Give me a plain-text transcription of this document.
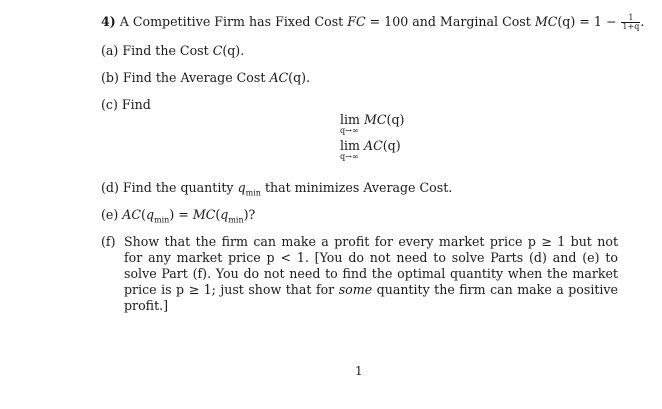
4) A Competitive Firm has Fixed Cost FC = 100 and Marginal Cost $MC(q) = 1 - \frac{1}{1+q}$ .
(a) Find the Cost C(q).
(b) Find the Average Cost AC(q).
(c) Find
lim MC(q)
q→∞
lim AC(q)
q→∞
(d) Find the quantity $q_{min}$ that minimizes Average Cost.
(e) $AC(q_{min}) = MC(q_{min})$?
(f) Show that the firm can make a profit for every market price p ≥ 1 but not for any market price p < 1. [You do not need to solve Parts (d) and (e) to solve Part (f). You do not need to find the optimal quantity when the market price is p ≥ 1; just show that for some quantity the firm can make a positive profit.]
1
